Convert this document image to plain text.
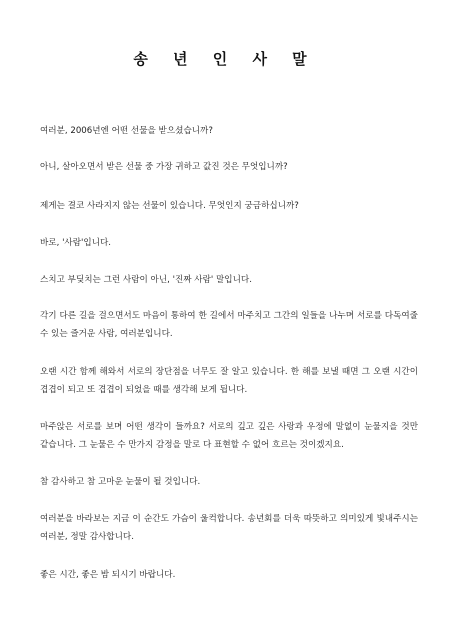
송 년 인 사 말

여러분, 2006년엔 어떤 선물을 받으셨습니까?

아니, 살아오면서 받은 선물 중 가장 귀하고 값진 것은 무엇입니까?

제게는 결코 사라지지 않는 선물이 있습니다. 무엇인지 궁금하십니까?

바로, '사람'입니다.

스치고 부딪치는 그런 사람이 아닌, '진짜 사람' 말입니다.

각기 다른 길을 걸으면서도 마음이 통하여 한 길에서 마주치고 그간의 일들을 나누며 서로를 다독여줄 수 있는 즐거운 사람, 여러분입니다.

오랜 시간 함께 해와서 서로의 장단점을 너무도 잘 알고 있습니다. 한 해를 보낼 때면 그 오랜 시간이 겹겹이 되고 또 겹겹이 되었을 때를 생각해 보게 됩니다.

마주앉은 서로를 보며 어떤 생각이 들까요? 서로의 깊고 깊은 사랑과 우정에 말없이 눈물지을 것만 같습니다. 그 눈물은 수 만가지 감정을 말로 다 표현할 수 없어 흐르는 것이겠지요.

참 감사하고 참 고마운 눈물이 될 것입니다.

여러분을 바라보는 지금 이 순간도 가슴이 울컥합니다. 송년회를 더욱 따뜻하고 의미있게 빛내주시는 여러분, 정말 감사합니다.

좋은 시간, 좋은 밤 되시기 바랍니다.
